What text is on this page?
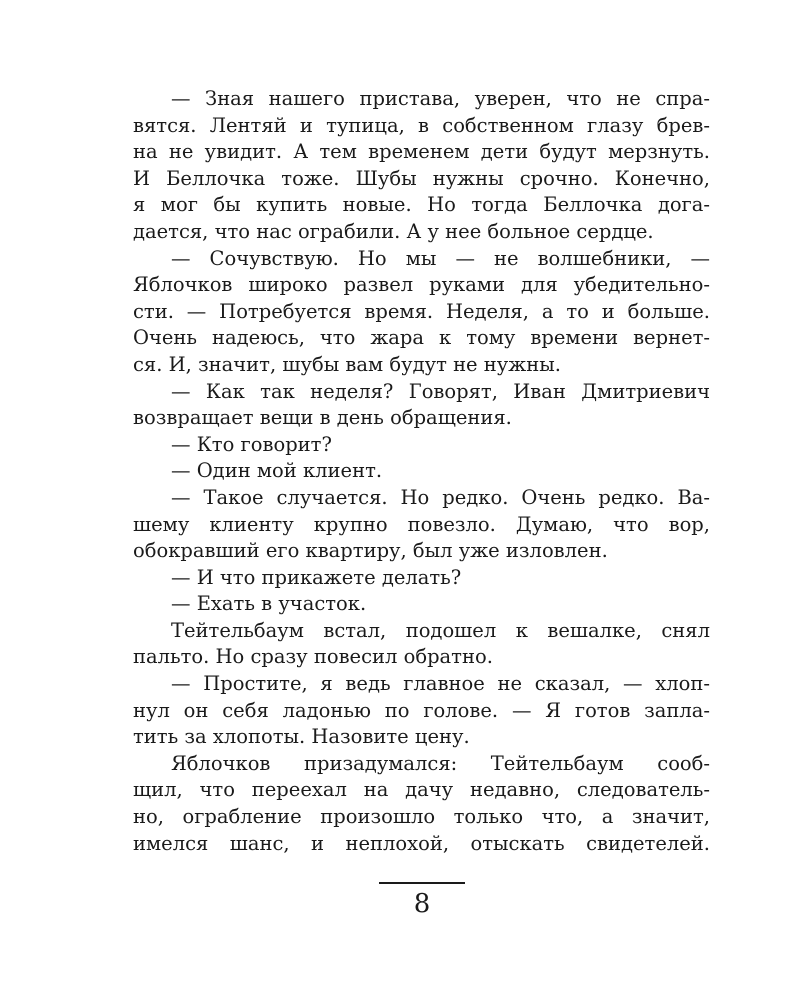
— Зная нашего пристава, уверен, что не спра-
вятся. Лентяй и тупица, в собственном глазу брев-
на не увидит. А тем временем дети будут мерзнуть.
И Беллочка тоже. Шубы нужны срочно. Конечно,
я мог бы купить новые. Но тогда Беллочка дога-
дается, что нас ограбили. А у нее больное сердце.
— Сочувствую. Но мы — не волшебники, —
Яблочков широко развел руками для убедительно-
сти. — Потребуется время. Неделя, а то и больше.
Очень надеюсь, что жара к тому времени вернет-
ся. И, значит, шубы вам будут не нужны.
— Как так неделя? Говорят, Иван Дмитриевич
возвращает вещи в день обращения.
— Кто говорит?
— Один мой клиент.
— Такое случается. Но редко. Очень редко. Ва-
шему клиенту крупно повезло. Думаю, что вор,
обокравший его квартиру, был уже изловлен.
— И что прикажете делать?
— Ехать в участок.
Тейтельбаум встал, подошел к вешалке, снял
пальто. Но сразу повесил обратно.
— Простите, я ведь главное не сказал, — хлоп-
нул он себя ладонью по голове. — Я готов запла-
тить за хлопоты. Назовите цену.
Яблочков призадумался: Тейтельбаум сооб-
щил, что переехал на дачу недавно, следователь-
но, ограбление произошло только что, а значит,
имелся шанс, и неплохой, отыскать свидетелей.
8
